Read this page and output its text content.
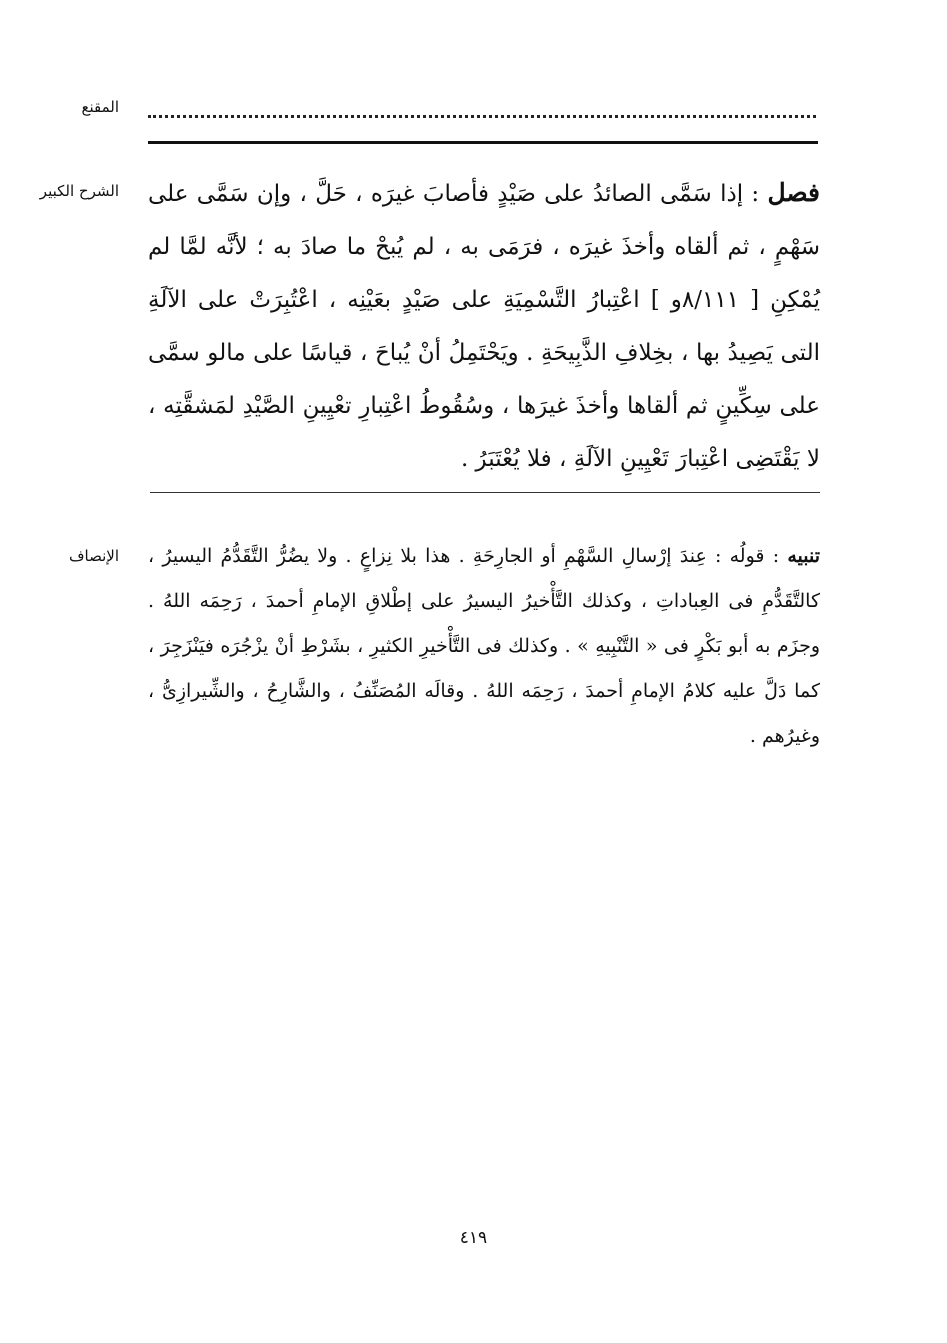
المقنع
الشرح الكبير	فصل : إذا سَمَّى الصائدُ على صَيْدٍ فأصابَ غيرَه ، حَلَّ ، وإن سَمَّى على سَهْمٍ ، ثم ألقاه وأخذَ غيرَه ، فرَمَى به ، لم يُبحْ ما صادَ به ؛ لأنَّه لمَّا لم يُمْكِنِ [ ٨/١١١و ] اعْتِبارُ التَّسْمِيَةِ على صَيْدٍ بعَيْنِه ، اعْتُبِرَتْ على الآلَةِ التى يَصِيدُ بها ، بخِلافِ الذَّبِيحَةِ . ويَحْتَمِلُ أنْ يُباحَ ، قياسًا على مالو سمَّى على سِكِّينٍ ثم ألقاها وأخذَ غيرَها ، وسُقُوطُ اعْتِبارِ تعْيِينِ الصَّيْدِ لمَشقَّتِه ، لا يَقْتَضِى اعْتِبارَ تَعْيِينِ الآلَةِ ، فلا يُعْتَبَرُ .
الإنصاف	تنبيه : قولُه : عِندَ إرْسالِ السَّهْمِ أو الجارِحَةِ . هذا بلا نِزاعٍ . ولا يضُرُّ التَّقَدُّمُ اليسيرُ ، كالتَّقَدُّمِ فى العِباداتِ ، وكذلك التَّأْخيرُ اليسيرُ على إطْلاقِ الإمامِ أحمدَ ، رَحِمَه اللهُ . وجزَم به أبو بَكْرٍ فى « التَّنْبِيهِ » . وكذلك فى التَّأْخيرِ الكثيرِ ، بشَرْطِ أنْ يزْجُرَه فيَنْزَجِرَ ، كما دَلَّ عليه كلامُ الإمامِ أحمدَ ، رَحِمَه اللهُ . وقالَه المُصَنِّفُ ، والشَّارِحُ ، والشِّيرازِىُّ ، وغيرُهم .
٤١٩
